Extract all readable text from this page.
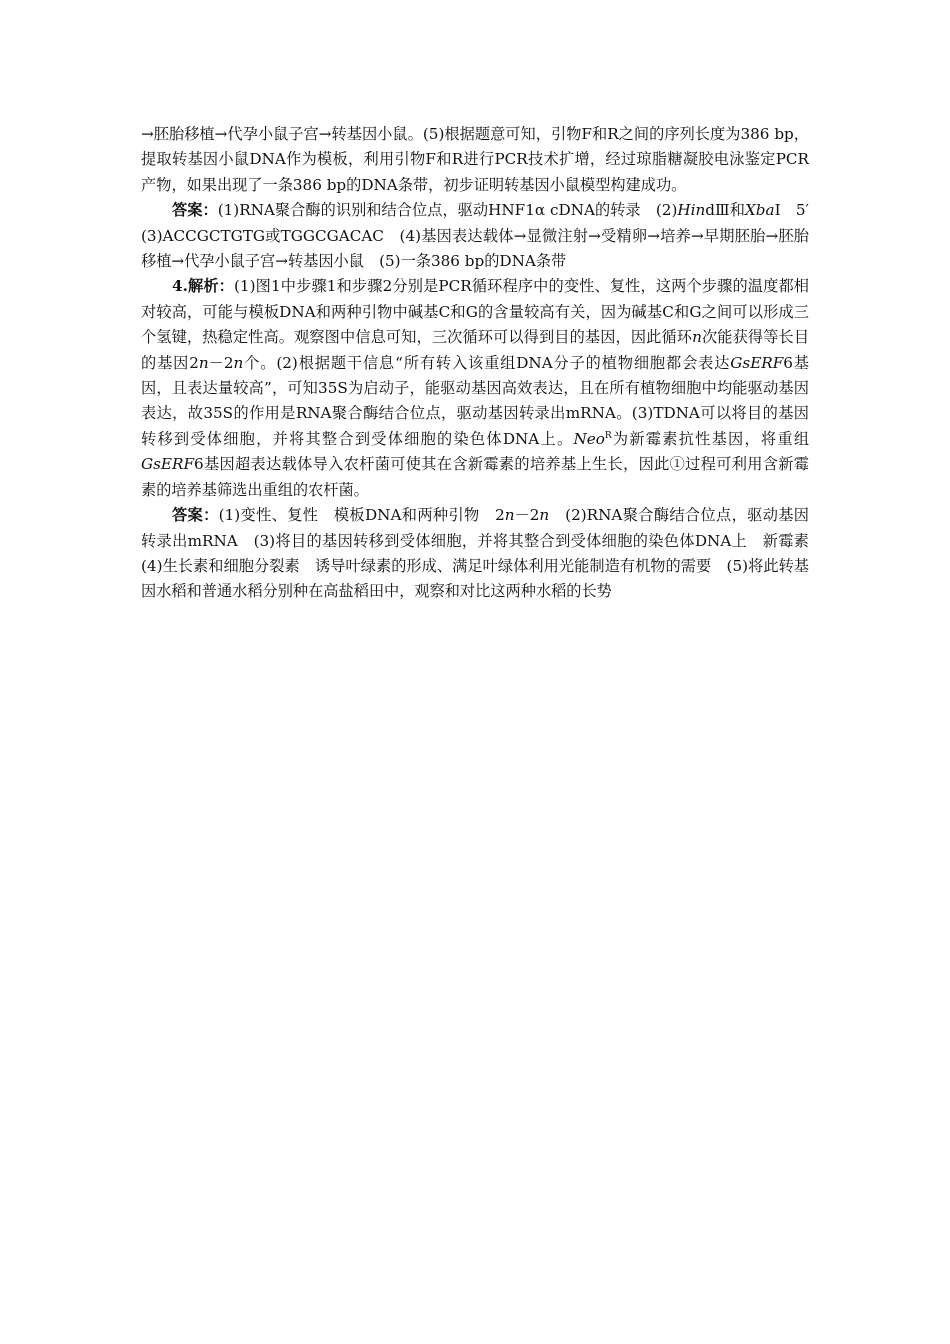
→胚胎移植→代孕小鼠子宫→转基因小鼠。(5)根据题意可知，引物F和R之间的序列长度为386 bp，提取转基因小鼠DNA作为模板，利用引物F和R进行PCR技术扩增，经过琼脂糖凝胶电泳鉴定PCR产物，如果出现了一条386 bp的DNA条带，初步证明转基因小鼠模型构建成功。

答案：(1)RNA聚合酶的识别和结合位点，驱动HNF1α cDNA的转录　(2)HindⅢ和XbaⅠ　5′　(3)ACCGCTGTG或TGGCGACAC　(4)基因表达载体→显微注射→受精卵→培养→早期胚胎→胚胎移植→代孕小鼠子宫→转基因小鼠　(5)一条386 bp的DNA条带

4.解析：(1)图1中步骤1和步骤2分别是PCR循环程序中的变性、复性，这两个步骤的温度都相对较高，可能与模板DNA和两种引物中碱基C和G的含量较高有关，因为碱基C和G之间可以形成三个氢键，热稳定性高。观察图中信息可知，三次循环可以得到目的基因，因此循环n次能获得等长目的基因2n－2n个。(2)根据题干信息“所有转入该重组DNA分子的植物细胞都会表达GsERF6基因，且表达量较高”，可知35S为启动子，能驱动基因高效表达，且在所有植物细胞中均能驱动基因表达，故35S的作用是RNA聚合酶结合位点，驱动基因转录出mRNA。(3)TDNA可以将目的基因转移到受体细胞，并将其整合到受体细胞的染色体DNA上。Neo$^R$为新霉素抗性基因，将重组GsERF6基因超表达载体导入农杆菌可使其在含新霉素的培养基上生长，因此①过程可利用含新霉素的培养基筛选出重组的农杆菌。

答案：(1)变性、复性　模板DNA和两种引物　2n－2n　(2)RNA聚合酶结合位点，驱动基因转录出mRNA　(3)将目的基因转移到受体细胞，并将其整合到受体细胞的染色体DNA上　新霉素　(4)生长素和细胞分裂素　诱导叶绿素的形成、满足叶绿体利用光能制造有机物的需要　(5)将此转基因水稻和普通水稻分别种在高盐稻田中，观察和对比这两种水稻的长势
